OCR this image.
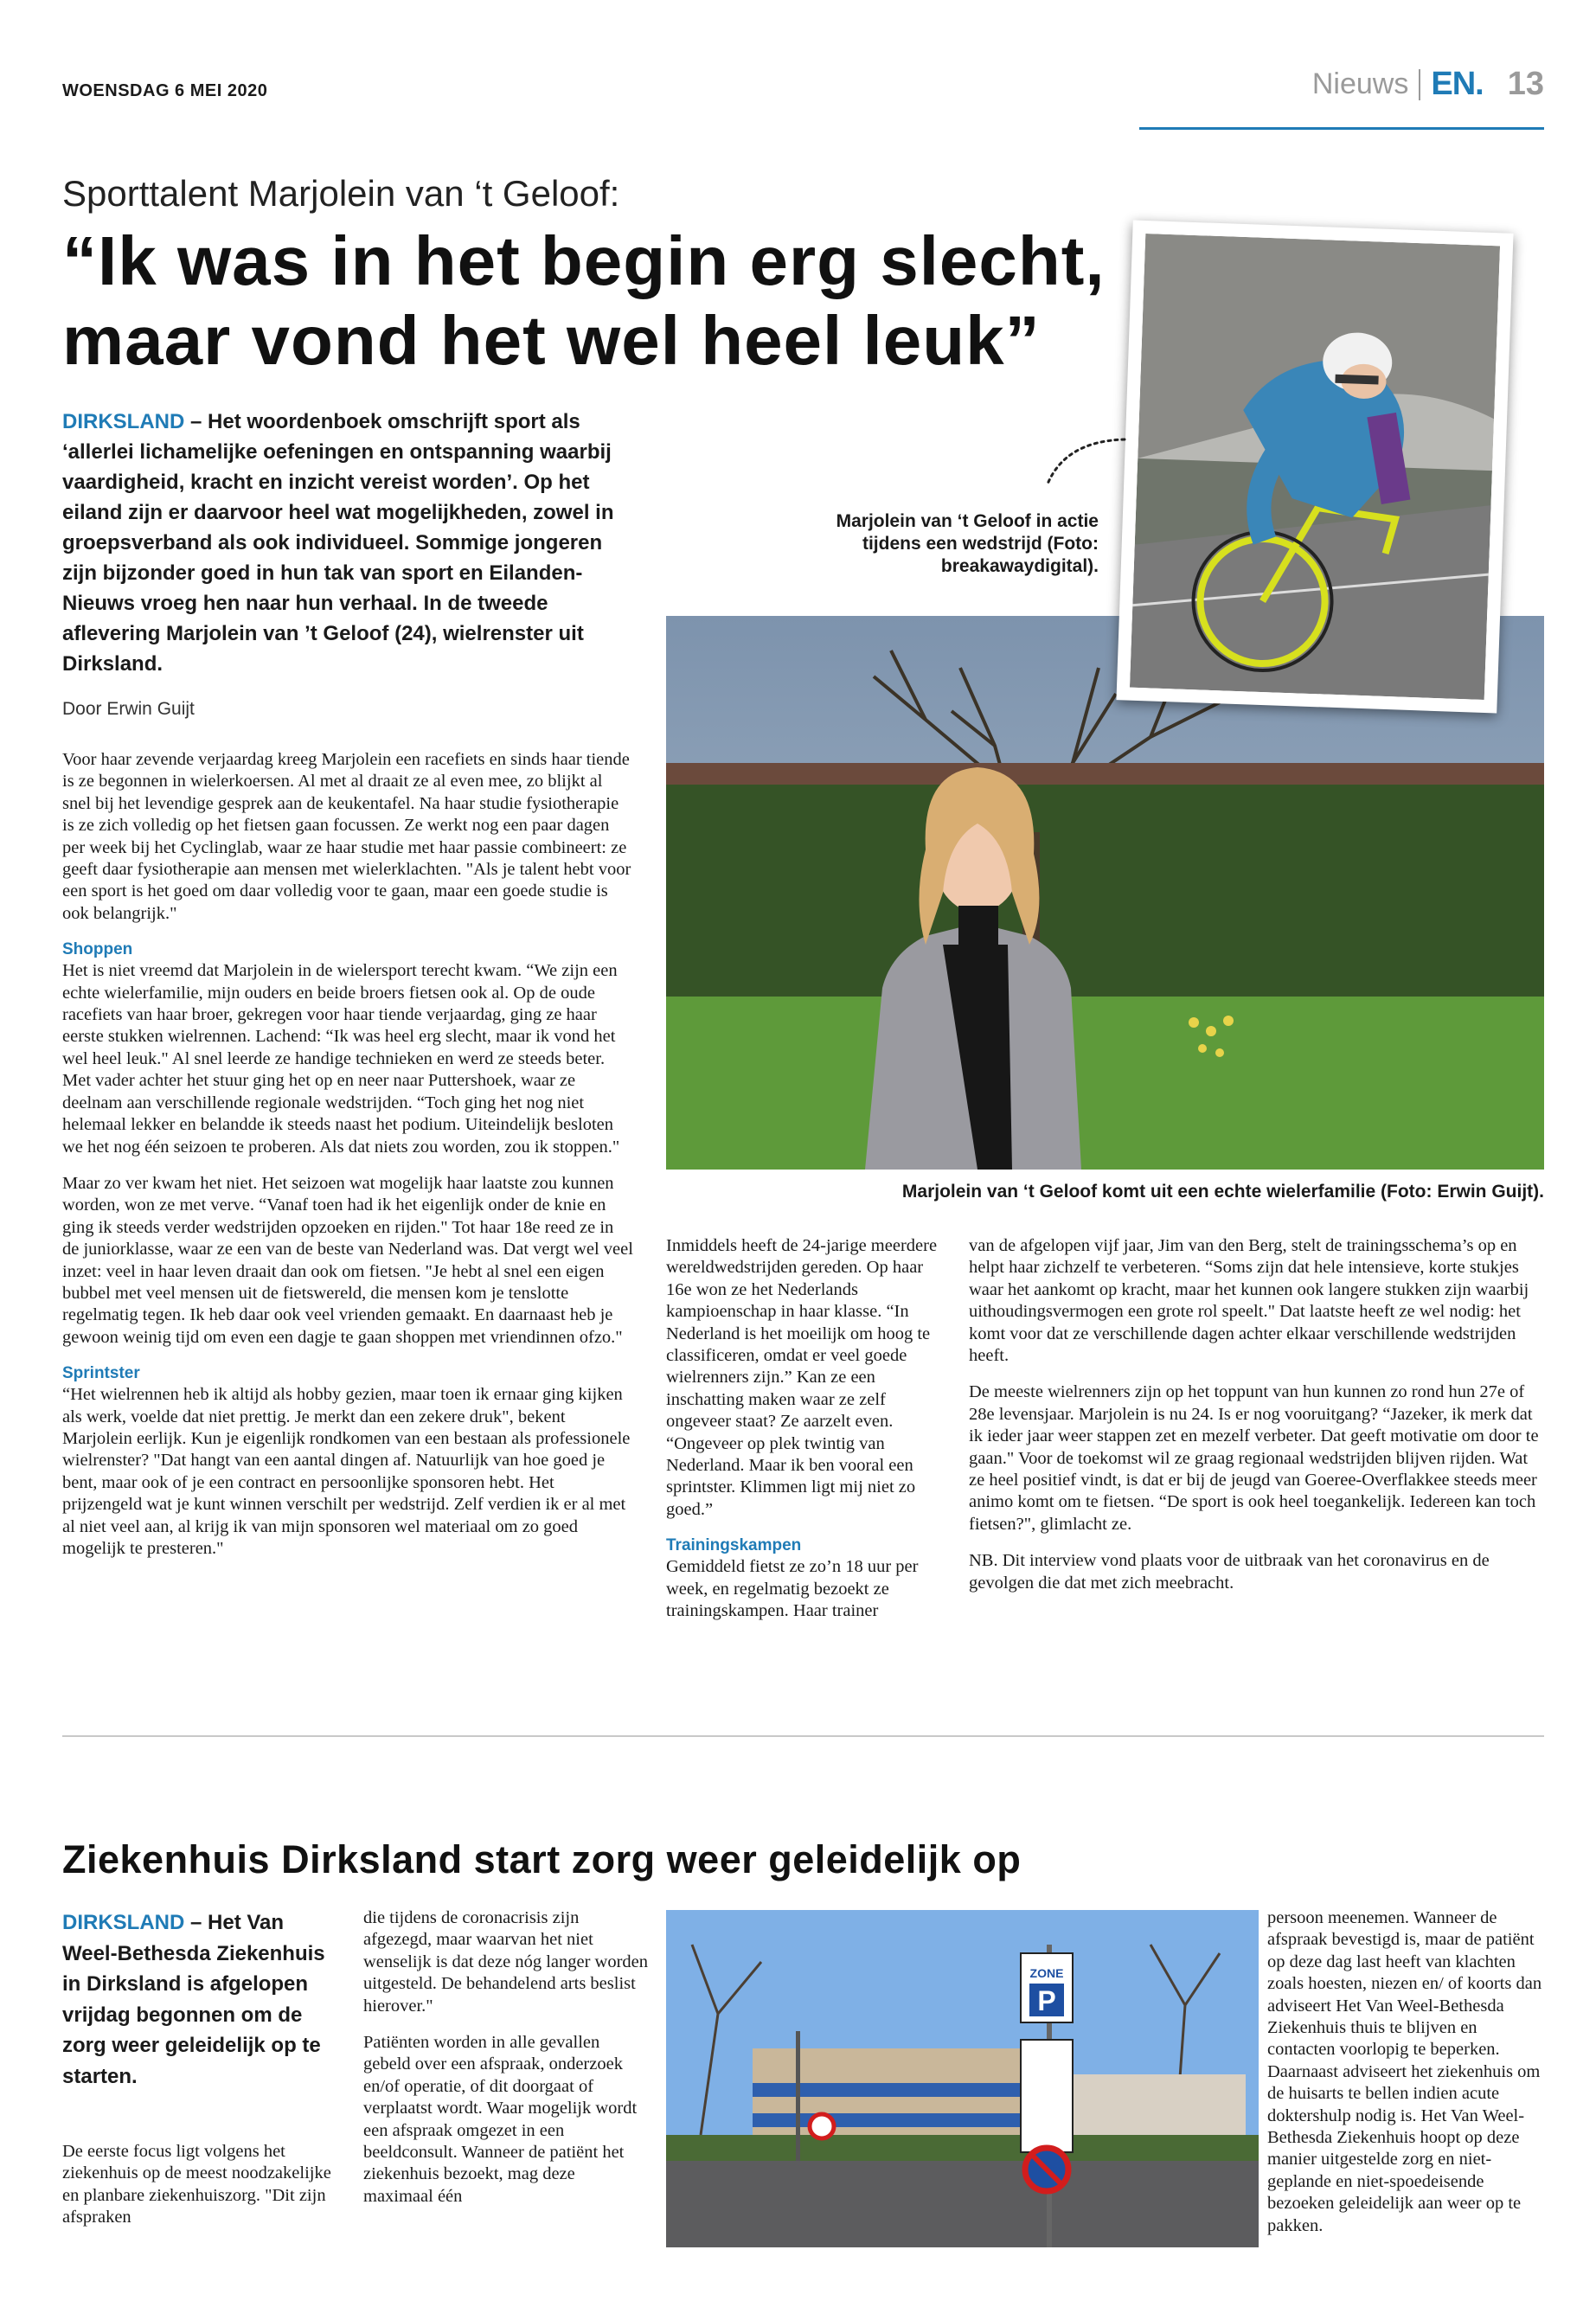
WOENSDAG 6 MEI 2020	Nieuws EN. 13
Sporttalent Marjolein van ‘t Geloof:
“Ik was in het begin erg slecht, maar vond het wel heel leuk”
DIRKSLAND – Het woordenboek omschrijft sport als ‘allerlei lichamelijke oefeningen en ontspanning waarbij vaardigheid, kracht en inzicht vereist worden’. Op het eiland zijn er daarvoor heel wat mogelijkheden, zowel in groepsverband als ook individueel. Sommige jongeren zijn bijzonder goed in hun tak van sport en Eilanden-Nieuws vroeg hen naar hun verhaal. In de tweede aflevering Marjolein van ’t Geloof (24), wielrenster uit Dirksland.
Door Erwin Guijt

Voor haar zevende verjaardag kreeg Marjolein een racefiets en sinds haar tiende is ze begonnen in wielerkoersen. Al met al draait ze al even mee, zo blijkt al snel bij het levendige gesprek aan de keukentafel. Na haar studie fysiotherapie is ze zich volledig op het fietsen gaan focussen. Ze werkt nog een paar dagen per week bij het Cyclinglab, waar ze haar studie met haar passie combineert: ze geeft daar fysiotherapie aan mensen met wielerklachten. "Als je talent hebt voor een sport is het goed om daar volledig voor te gaan, maar een goede studie is ook belangrijk."

Shoppen

Het is niet vreemd dat Marjolein in de wielersport terecht kwam. “We zijn een echte wielerfamilie, mijn ouders en beide broers fietsen ook al. Op de oude racefiets van haar broer, gekregen voor haar tiende verjaardag, ging ze haar eerste stukken wielrennen. Lachend: “Ik was heel erg slecht, maar ik vond het wel heel leuk." Al snel leerde ze handige technieken en werd ze steeds beter. Met vader achter het stuur ging het op en neer naar Puttershoek, waar ze deelnam aan verschillende regionale wedstrijden. “Toch ging het nog niet helemaal lekker en belandde ik steeds naast het podium. Uiteindelijk besloten we het nog één seizoen te proberen. Als dat niets zou worden, zou ik stoppen."

Maar zo ver kwam het niet. Het seizoen wat mogelijk haar laatste zou kunnen worden, won ze met verve. “Vanaf toen had ik het eigenlijk onder de knie en ging ik steeds verder wedstrijden opzoeken en rijden." Tot haar 18e reed ze in de juniorklasse, waar ze een van de beste van Nederland was. Dat vergt wel veel inzet: veel in haar leven draait dan ook om fietsen. "Je hebt al snel een eigen bubbel met veel mensen uit de fietswereld, die mensen kom je tenslotte regelmatig tegen. Ik heb daar ook veel vrienden gemaakt. En daarnaast heb je gewoon weinig tijd om even een dagje te gaan shoppen met vriendinnen ofzo."

Sprintster

“Het wielrennen heb ik altijd als hobby gezien, maar toen ik ernaar ging kijken als werk, voelde dat niet prettig. Je merkt dan een zekere druk", bekent Marjolein eerlijk. Kun je eigenlijk rondkomen van een bestaan als professionele wielrenster? "Dat hangt van een aantal dingen af. Natuurlijk van hoe goed je bent, maar ook of je een contract en persoonlijke sponsoren hebt. Het prijzengeld wat je kunt winnen verschilt per wedstrijd. Zelf verdien ik er al met al niet veel aan, al krijg ik van mijn sponsoren wel materiaal om zo goed mogelijk te presteren."

Marjolein van ‘t Geloof komt uit een echte wielerfamilie (Foto: Erwin Guijt).
Marjolein van ‘t Geloof in actie tijdens een wedstrijd (Foto: breakawaydigital).

Inmiddels heeft de 24-jarige meerdere wereldwedstrijden gereden. Op haar 16e won ze het Nederlands kampioenschap in haar klasse. “In Nederland is het moeilijk om hoog te classificeren, omdat er veel goede wielrenners zijn.” Kan ze een inschatting maken waar ze zelf ongeveer staat? Ze aarzelt even. “Ongeveer op plek twintig van Nederland. Maar ik ben vooral een sprintster. Klimmen ligt mij niet zo goed.”

Trainingskampen

Gemiddeld fietst ze zo’n 18 uur per week, en regelmatig bezoekt ze trainingskampen. Haar trainer

van de afgelopen vijf jaar, Jim van den Berg, stelt de trainingsschema’s op en helpt haar zichzelf te verbeteren. “Soms zijn dat hele intensieve, korte stukjes waar het aankomt op kracht, maar het kunnen ook langere stukken zijn waarbij uithoudingsvermogen een grote rol speelt." Dat laatste heeft ze wel nodig: het komt voor dat ze verschillende dagen achter elkaar verschillende wedstrijden heeft.

De meeste wielrenners zijn op het toppunt van hun kunnen zo rond hun 27e of 28e levensjaar. Marjolein is nu 24. Is er nog vooruitgang? “Jazeker, ik merk dat ik ieder jaar weer stappen zet en mezelf verbeter. Dat geeft motivatie om door te gaan." Voor de toekomst wil ze graag regionaal wedstrijden blijven rijden. Wat ze heel positief vindt, is dat er bij de jeugd van Goeree-Overflakkee steeds meer animo komt om te fietsen. “De sport is ook heel toegankelijk. Iedereen kan toch fietsen?", glimlacht ze.

NB. Dit interview vond plaats voor de uitbraak van het coronavirus en de gevolgen die dat met zich meebracht.

Ziekenhuis Dirksland start zorg weer geleidelijk op
DIRKSLAND – Het Van Weel-Bethesda Ziekenhuis in Dirksland is afgelopen vrijdag begonnen om de zorg weer geleidelijk op te starten.

De eerste focus ligt volgens het ziekenhuis op de meest noodzakelijke en planbare ziekenhuiszorg. "Dit zijn afspraken

die tijdens de coronacrisis zijn afgezegd, maar waarvan het niet wenselijk is dat deze nóg langer worden uitgesteld. De behandelend arts beslist hierover."

Patiënten worden in alle gevallen gebeld over een afspraak, onderzoek en/of operatie, of dit doorgaat of verplaatst wordt. Waar mogelijk wordt een afspraak omgezet in een beeldconsult. Wanneer de patiënt het ziekenhuis bezoekt, mag deze maximaal één

ZONE
P

persoon meenemen. Wanneer de afspraak bevestigd is, maar de patiënt op deze dag last heeft van klachten zoals hoesten, niezen en/ of koorts dan adviseert Het Van Weel-Bethesda Ziekenhuis thuis te blijven en contacten voorlopig te beperken. Daarnaast adviseert het ziekenhuis om de huisarts te bellen indien acute doktershulp nodig is. Het Van Weel-Bethesda Ziekenhuis hoopt op deze manier uitgestelde zorg en niet-geplande en niet-spoedeisende bezoeken geleidelijk aan weer op te pakken.
